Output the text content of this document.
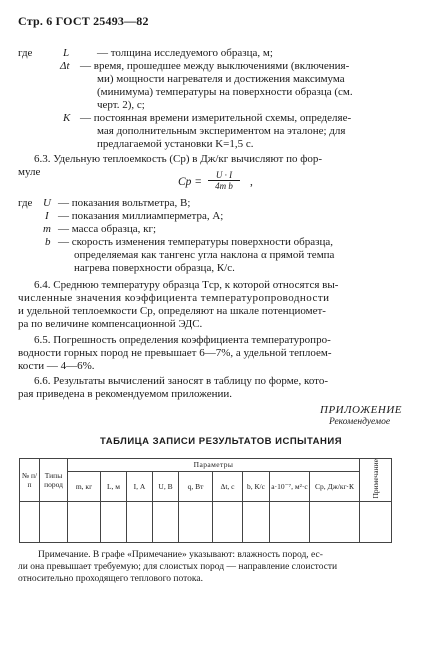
Стр. 6 ГОСТ 25493—82
где	L	— толщина исследуемого образца, м;
Δt — время, прошедшее между выключениями (включения-
ми) мощности нагревателя и достижения максимума
(минимума) температуры на поверхности образца (см.
черт. 2), с;
K — постоянная времени измерительной схемы, определяе-
мая дополнительным экспериментом на эталоне; для
предлагаемой установки K=1,5 с.
6.3. Удельную теплоемкость (Cр) в Дж/кг вычисляют по фор-
муле
Cр = $\frac{U \cdot I}{\text{4m b}}$ ,
где U — показания вольтметра, В;
I — показания миллиамперметра, А;
m — масса образца, кг;
b — скорость изменения температуры поверхности образца,
определяемая как тангенс угла наклона α прямой темпа
нагрева поверхности образца, К/с.
6.4. Среднюю температуру образца Tср, к которой относятся вы-
численные значения коэффициента температуропроводности
и удельной теплоемкости Cр, определяют на шкале потенциомет-
ра по величине компенсационной ЭДС.
6.5. Погрешность определения коэффициента температуропро-
водности горных пород не превышает 6—7%, а удельной теплоем-
кости — 4—6%.
6.6. Результаты вычислений заносят в таблицу по форме, кото-
рая приведена в рекомендуемом приложении.
ПРИЛОЖЕНИЕ
Рекомендуемое
ТАБЛИЦА ЗАПИСИ РЕЗУЛЬТАТОВ ИСПЫТАНИЯ
№ п/п	Типы пород	Параметры									Примечание
		m, кг	L, м	I, А	U, В	q, Вт	Δt, с	b, К/с	a·10⁻⁷, м²·с	Cр, Дж/кг·К	

Примечание. В графе «Примечание» указывают: влажность пород, ес-
ли она превышает требуемую; для слоистых пород — направление слоистости
относительно проходящего теплового потока.
